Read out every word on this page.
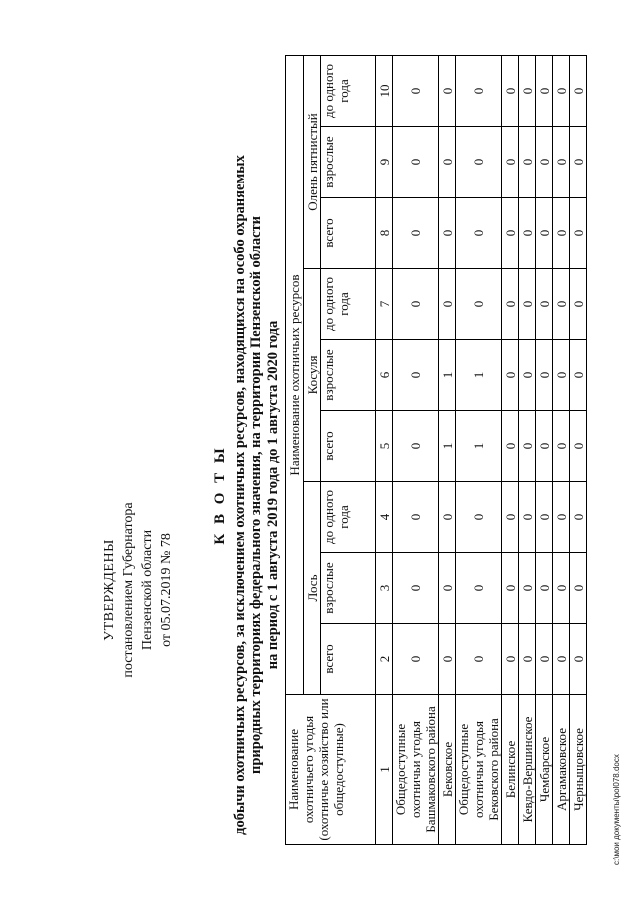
УТВЕРЖДЕНЫ постановлением Губернатора Пензенской области от 05.07.2019 № 78
К В О Т Ы добычи охотничьих ресурсов, за исключением охотничьих ресурсов, находящихся на особо охраняемых природных территориях федерального значения, на территории Пензенской области на период с 1 августа 2019 года до 1 августа 2020 года
Наименование охотничьего угодья (охотничье хозяйство или общедоступные)	Наименование охотничьих ресурсов								
	Лось			Косуля			Олень пятнистый		
	всего	взрослые	до одного года	всего	взрослые	до одного года	всего	взрослые	до одного года
1	2	3	4	5	6	7	8	9	10
Общедоступные охотничьи угодья Башмаковского района	0	0	0	0	0	0	0	0	0
Бековское	0	0	0	1	1	0	0	0	0
Общедоступные охотничьи угодья Бековского района	0	0	0	1	1	0	0	0	0
Белинское	0	0	0	0	0	0	0	0	0
Кевдо-Вершинское	0	0	0	0	0	0	0	0	0
Чембарское	0	0	0	0	0	0	0	0	0
Аргамаковское	0	0	0	0	0	0	0	0	0
Черныщовское	0	0	0	0	0	0	0	0	0
c:\мои документы\pol078.docx
